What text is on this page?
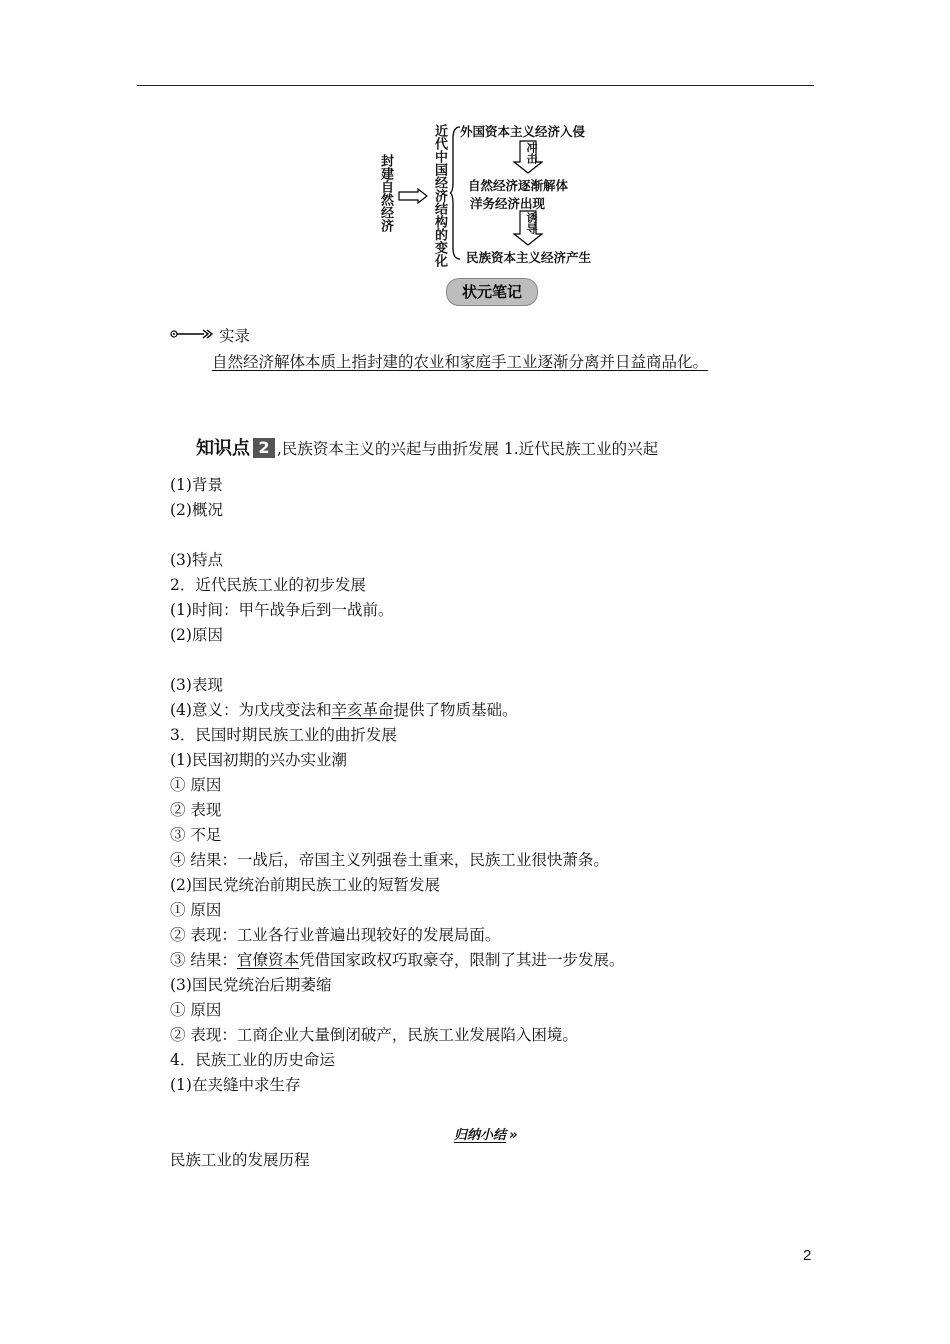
封建自然经济	近代中国经济结构的变化 外国资本主义经济入侵
冲击
自然经济逐渐解体
洋务经济出现
诱导
民族资本主义经济产生
状元笔记
实录
自然经济解体本质上指封建的农业和家庭手工业逐渐分离并日益商品化。
知识点 2 ,民族资本主义的兴起与曲折发展 1.近代民族工业的兴起
(1)背景
(2)概况
(3)特点
2．近代民族工业的初步发展
(1)时间：甲午战争后到一战前。
(2)原因
(3)表现
(4)意义：为戊戌变法和辛亥革命提供了物质基础。
3．民国时期民族工业的曲折发展
(1)民国初期的兴办实业潮
① 原因
② 表现
③ 不足
④ 结果：一战后，帝国主义列强卷土重来，民族工业很快萧条。
(2)国民党统治前期民族工业的短暂发展
① 原因
② 表现：工业各行业普遍出现较好的发展局面。
③ 结果：官僚资本凭借国家政权巧取豪夺，限制了其进一步发展。
(3)国民党统治后期萎缩
① 原因
② 表现：工商企业大量倒闭破产，民族工业发展陷入困境。
4．民族工业的历史命运
(1)在夹缝中求生存
归纳小结 »
民族工业的发展历程
2
